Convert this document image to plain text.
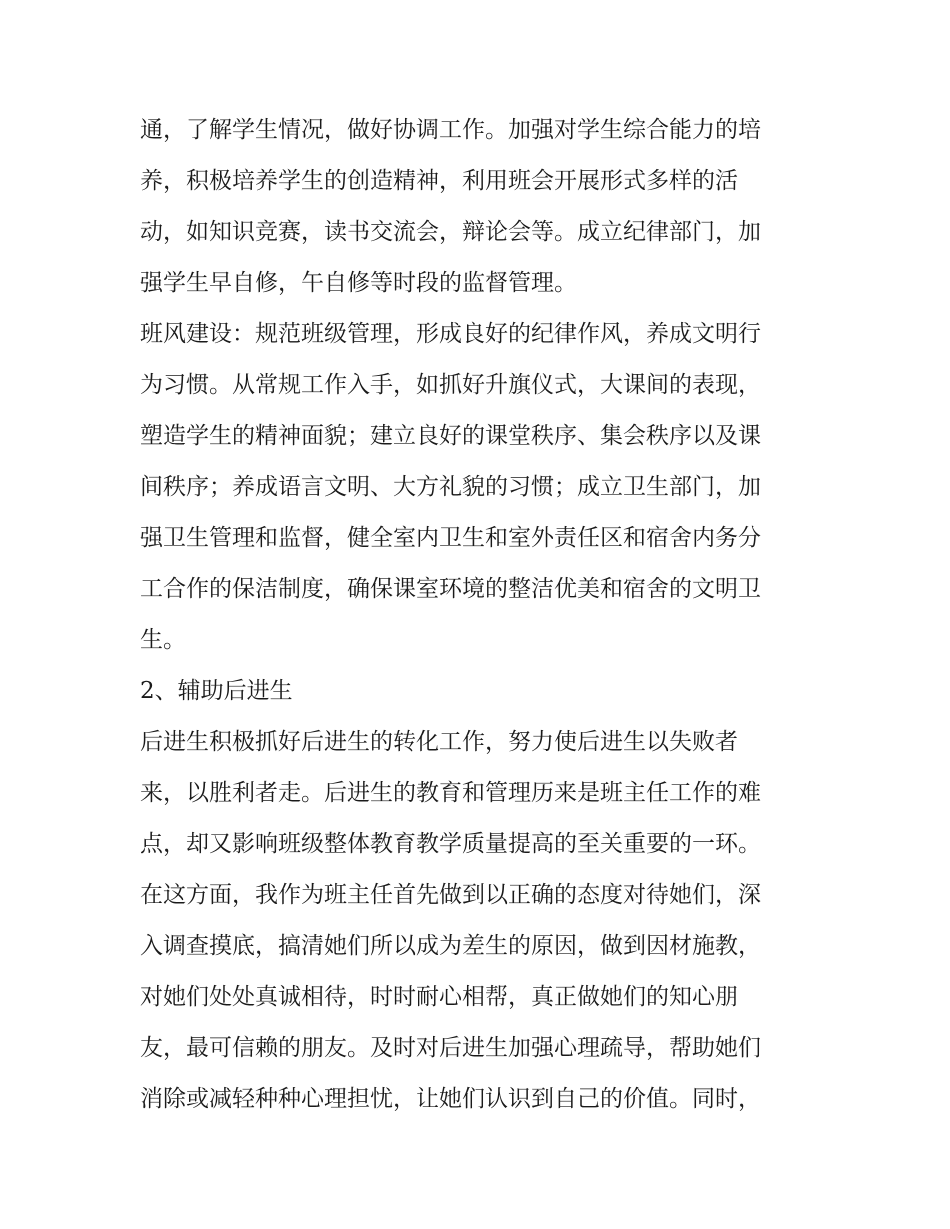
通，了解学生情况，做好协调工作。加强对学生综合能力的培
养，积极培养学生的创造精神，利用班会开展形式多样的活
动，如知识竞赛，读书交流会，辩论会等。成立纪律部门，加
强学生早自修，午自修等时段的监督管理。
班风建设：规范班级管理，形成良好的纪律作风，养成文明行
为习惯。从常规工作入手，如抓好升旗仪式，大课间的表现，
塑造学生的精神面貌；建立良好的课堂秩序、集会秩序以及课
间秩序；养成语言文明、大方礼貌的习惯；成立卫生部门，加
强卫生管理和监督，健全室内卫生和室外责任区和宿舍内务分
工合作的保洁制度，确保课室环境的整洁优美和宿舍的文明卫
生。
2、辅助后进生
后进生积极抓好后进生的转化工作，努力使后进生以失败者
来，以胜利者走。后进生的教育和管理历来是班主任工作的难
点，却又影响班级整体教育教学质量提高的至关重要的一环。
在这方面，我作为班主任首先做到以正确的态度对待她们，深
入调查摸底，搞清她们所以成为差生的原因，做到因材施教，
对她们处处真诚相待，时时耐心相帮，真正做她们的知心朋
友，最可信赖的朋友。及时对后进生加强心理疏导，帮助她们
消除或减轻种种心理担忧，让她们认识到自己的价值。同时，
